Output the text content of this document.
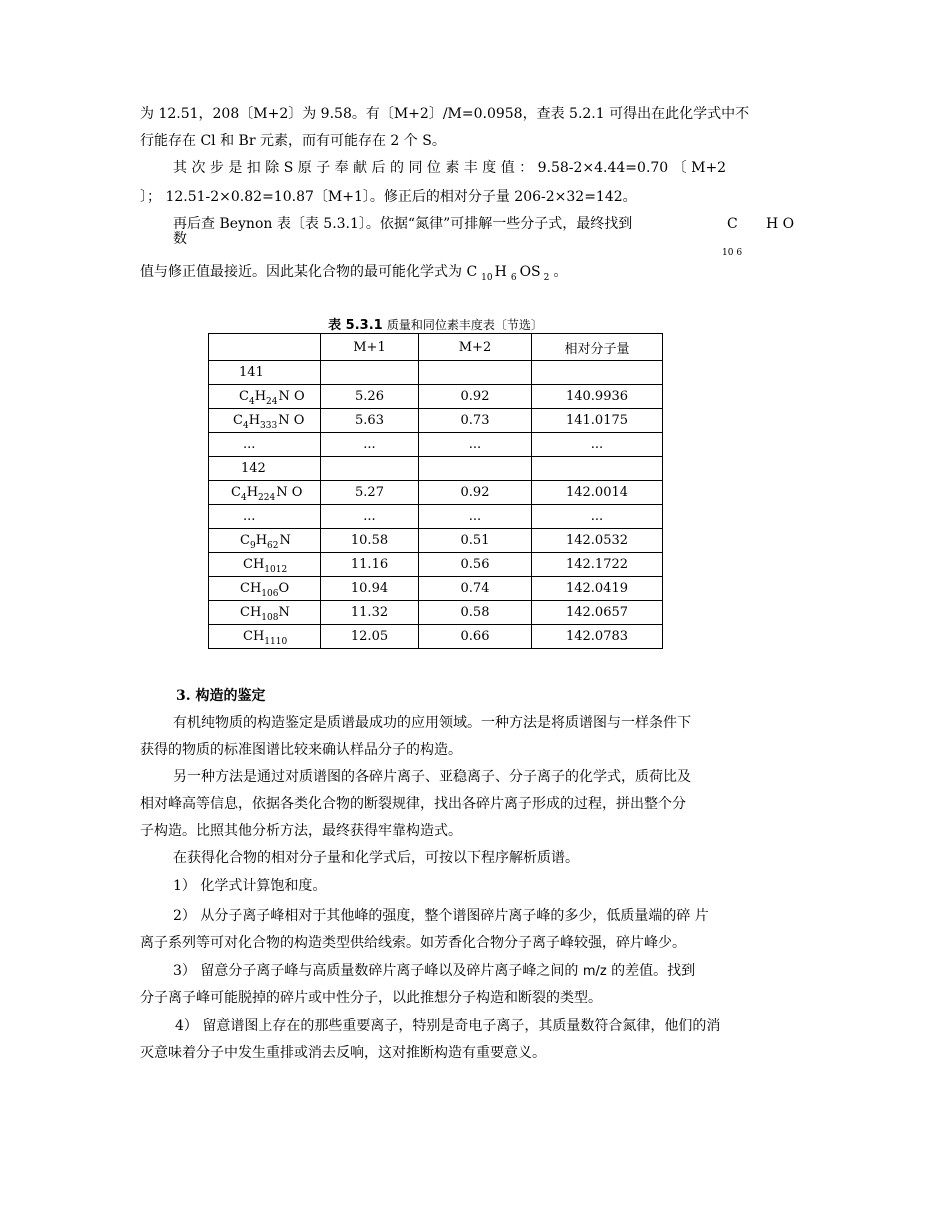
为 12.51，208〔M+2〕为 9.58。有〔M+2〕/M=0.0958，查表 5.2.1 可得出在此化学式中不
行能存在 Cl 和 Br 元素，而有可能存在 2 个 S。
其 次 步 是 扣 除 S 原 子 奉 献 后 的 同 位 素 丰 度 值 ： 9.58-2×4.44=0.70 〔 M+2
〕； 12.51-2×0.82=10.87〔M+1〕。修正后的相对分子量 206-2×32=142。
再后查 Beynon 表〔表 5.3.1〕。依据“氮律”可排解一些分子式，最终找到	C H O
数
10 6
值与修正值最接近。因此某化合物的最可能化学式为 C $_{10}$ H $_6$ OS $_2$ 。
表 5.3.1 质量和同位素丰度表〔节选〕
	M+1	M+2	相对分子量
141			
$C_4H_{24}N$ O	5.26	0.92	140.9936
$C_4H_{333}N$ O	5.63	0.73	141.0175
...	...	...	...
142			
$C_4H_{224}N$ O	5.27	0.92	142.0014
...	...	...	...
$C_9H_{62}N$	10.58	0.51	142.0532
$CH_{1012}$	11.16	0.56	142.1722
$CH_{106}O$	10.94	0.74	142.0419
$CH_{108}N$	11.32	0.58	142.0657
$CH_{1110}$	12.05	0.66	142.0783
3. 构造的鉴定
有机纯物质的构造鉴定是质谱最成功的应用领域。一种方法是将质谱图与一样条件下
获得的物质的标准图谱比较来确认样品分子的构造。
另一种方法是通过对质谱图的各碎片离子、亚稳离子、分子离子的化学式，质荷比及
相对峰高等信息，依据各类化合物的断裂规律，找出各碎片离子形成的过程，拼出整个分
子构造。比照其他分析方法，最终获得牢靠构造式。
在获得化合物的相对分子量和化学式后，可按以下程序解析质谱。
1） 化学式计算饱和度。
2） 从分子离子峰相对于其他峰的强度，整个谱图碎片离子峰的多少，低质量端的碎 片
离子系列等可对化合物的构造类型供给线索。如芳香化合物分子离子峰较强，碎片峰少。
3） 留意分子离子峰与高质量数碎片离子峰以及碎片离子峰之间的 m/z 的差值。找到
分子离子峰可能脱掉的碎片或中性分子，以此推想分子构造和断裂的类型。
4） 留意谱图上存在的那些重要离子，特别是奇电子离子，其质量数符合氮律，他们的消
灭意味着分子中发生重排或消去反响，这对推断构造有重要意义。
